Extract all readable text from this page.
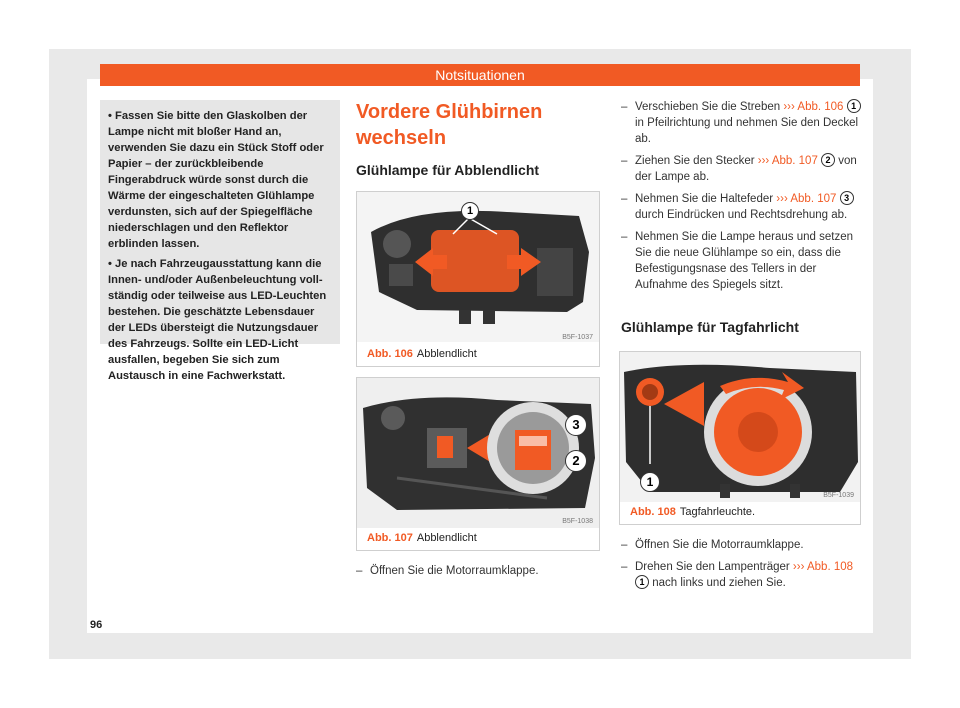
Notsituationen

• Fassen Sie bitte den Glaskolben der Lampe nicht mit bloßer Hand an, verwenden Sie dazu ein Stück Stoff oder Papier – der zurückbleibende Fingerabdruck würde sonst durch die Wärme der eingeschalteten Glühlampe verdunsten, sich auf der Spiegelfläche niederschlagen und den Reflektor erblinden lassen.

• Je nach Fahrzeugausstattung kann die Innen- und/oder Außenbeleuchtung vollständig oder teilweise aus LED-Leuchten bestehen. Die geschätzte Lebensdauer der LEDs übersteigt die Nutzungsdauer des Fahrzeugs. Sollte ein LED-Licht ausfallen, begeben Sie sich zum Austausch in eine Fachwerkstatt.

Vordere Glühbirnen wechseln
Glühlampe für Abblendlicht
1
B5F-1037
Abb. 106 Abblendlicht
3
2
B5F-1038
Abb. 107 Abblendlicht
– Öffnen Sie die Motorraumklappe.
– Verschieben Sie die Streben ››› Abb. 106 1 in Pfeilrichtung und nehmen Sie den Deckel ab.
– Ziehen Sie den Stecker ››› Abb. 107 2 von der Lampe ab.
– Nehmen Sie die Haltefeder ››› Abb. 107 3 durch Eindrücken und Rechtsdrehung ab.
– Nehmen Sie die Lampe heraus und setzen Sie die neue Glühlampe so ein, dass die Befestigungsnase des Tellers in der Aufnahme des Spiegels sitzt.
Glühlampe für Tagfahrlicht
1
B5F-1039
Abb. 108 Tagfahrleuchte.
– Öffnen Sie die Motorraumklappe.
– Drehen Sie den Lampenträger ››› Abb. 108 1 nach links und ziehen Sie.
96
